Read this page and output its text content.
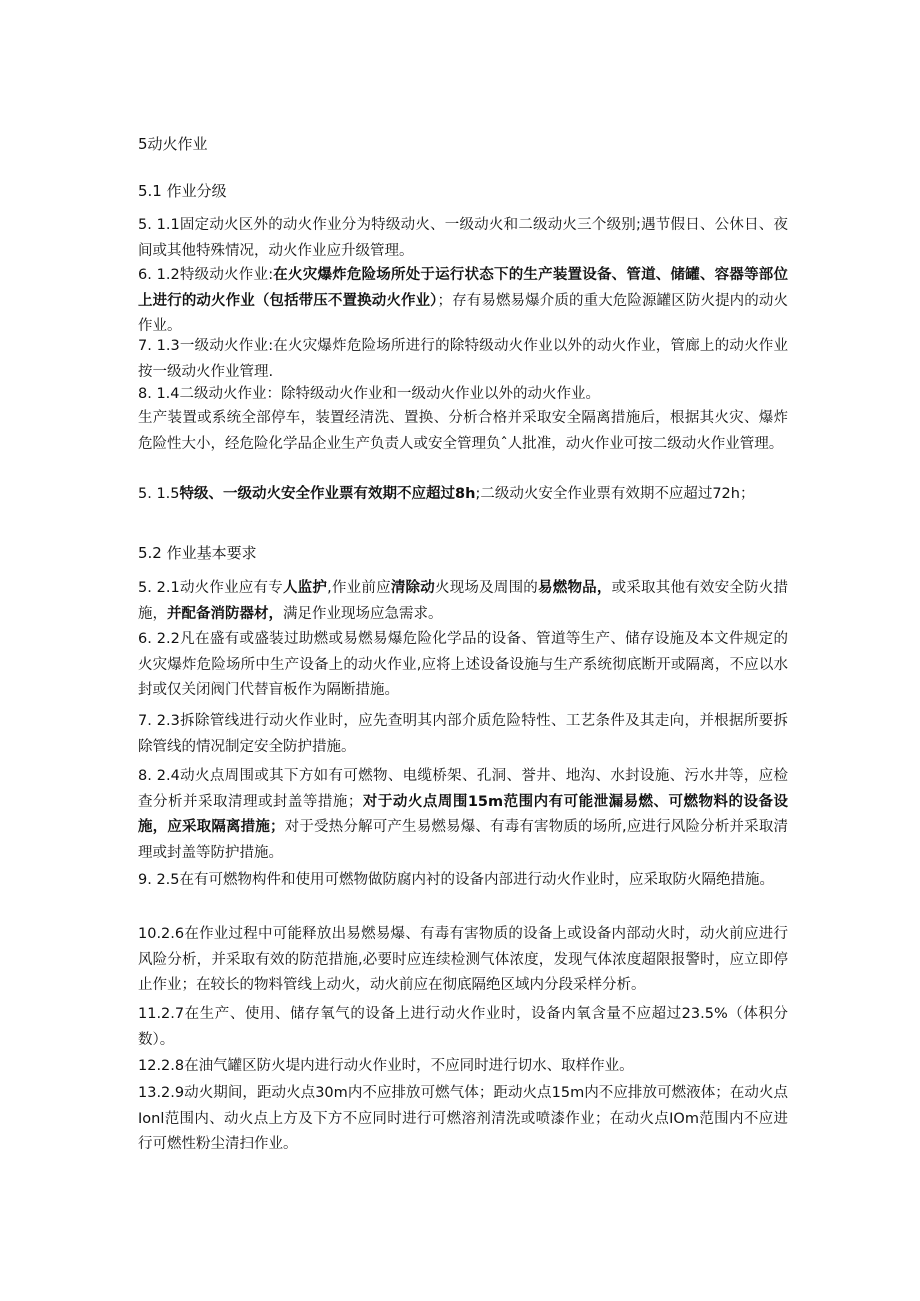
5动火作业
5.1 作业分级
5. 1.1固定动火区外的动火作业分为特级动火、一级动火和二级动火三个级别;遇节假日、公休日、夜间或其他特殊情况，动火作业应升级管理。
6. 1.2特级动火作业:在火灾爆炸危险场所处于运行状态下的生产装置设备、管道、储罐、容器等部位上进行的动火作业（包括带压不置换动火作业）；存有易燃易爆介质的重大危险源罐区防火提内的动火作业。
7. 1.3一级动火作业:在火灾爆炸危险场所进行的除特级动火作业以外的动火作业，管廊上的动火作业按一级动火作业管理.
8. 1.4二级动火作业：除特级动火作业和一级动火作业以外的动火作业。
生产装置或系统全部停车，装置经清洗、置换、分析合格并采取安全隔离措施后，根据其火灾、爆炸危险性大小，经危险化学品企业生产负责人或安全管理负ˆ人批准，动火作业可按二级动火作业管理。
5. 1.5特级、一级动火安全作业票有效期不应超过8h;二级动火安全作业票有效期不应超过72h；
5.2 作业基本要求
5. 2.1动火作业应有专人监护,作业前应清除动火现场及周围的易燃物品，或采取其他有效安全防火措施，并配备消防器材，满足作业现场应急需求。
6. 2.2凡在盛有或盛装过助燃或易燃易爆危险化学品的设备、管道等生产、储存设施及本文件规定的火灾爆炸危险场所中生产设备上的动火作业,应将上述设备设施与生产系统彻底断开或隔离，不应以水封或仅关闭阀门代替盲板作为隔断措施。
7. 2.3拆除管线进行动火作业时，应先查明其内部介质危险特性、工艺条件及其走向，并根据所要拆除管线的情况制定安全防护措施。
8. 2.4动火点周围或其下方如有可燃物、电缆桥架、孔洞、誉井、地沟、水封设施、污水井等，应检查分析并采取清理或封盖等措施；对于动火点周围15m范围内有可能泄漏易燃、可燃物料的设备设施，应采取隔离措施；对于受热分解可产生易燃易爆、有毒有害物质的场所,应进行风险分析并采取清理或封盖等防护措施。
9. 2.5在有可燃物构件和使用可燃物做防腐内衬的设备内部进行动火作业时，应采取防火隔绝措施。
10.2.6在作业过程中可能释放出易燃易爆、有毒有害物质的设备上或设备内部动火时，动火前应进行风险分析，并采取有效的防范措施,必要时应连续检测气体浓度，发现气体浓度超限报警时，应立即停止作业；在较长的物料管线上动火，动火前应在彻底隔绝区域内分段采样分析。
11.2.7在生产、使用、储存氧气的设备上进行动火作业时，设备内氧含量不应超过23.5%（体积分数）。
12.2.8在油气罐区防火堤内进行动火作业时，不应同时进行切水、取样作业。
13.2.9动火期间，距动火点30m内不应排放可燃气体；距动火点15m内不应排放可燃液体；在动火点Ionl范围内、动火点上方及下方不应同时进行可燃溶剂清洗或喷漆作业；在动火点IOm范围内不应进行可燃性粉尘清扫作业。
